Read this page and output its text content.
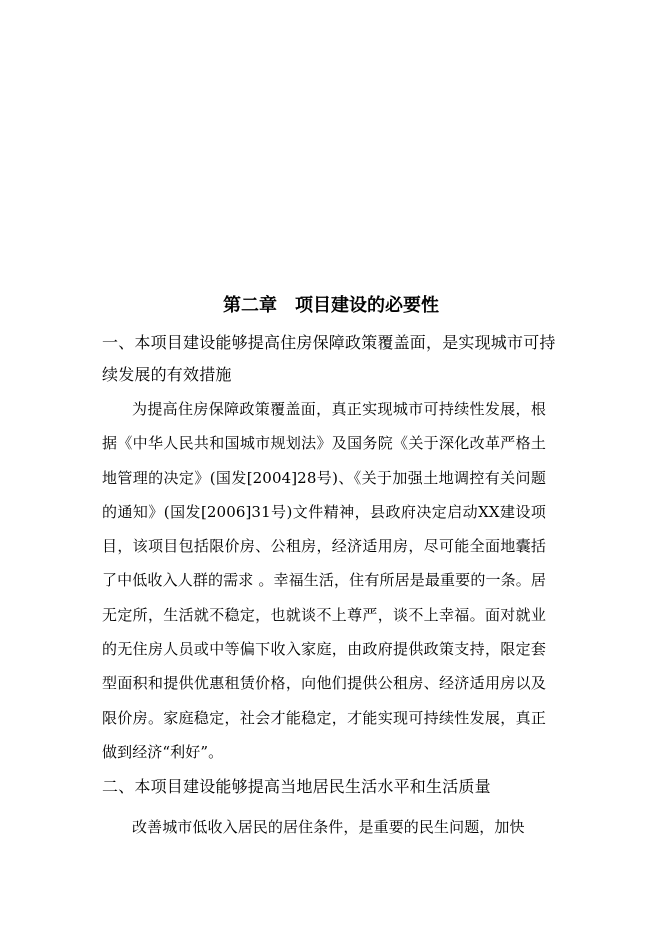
第二章　项目建设的必要性
一、本项目建设能够提高住房保障政策覆盖面，是实现城市可持续发展的有效措施
为提高住房保障政策覆盖面，真正实现城市可持续性发展，根据《中华人民共和国城市规划法》及国务院《关于深化改革严格土地管理的决定》(国发[2004]28号)、《关于加强土地调控有关问题的通知》(国发[2006]31号)文件精神，县政府决定启动XX建设项目，该项目包括限价房、公租房，经济适用房，尽可能全面地囊括了中低收入人群的需求 。幸福生活，住有所居是最重要的一条。居无定所，生活就不稳定，也就谈不上尊严，谈不上幸福。面对就业的无住房人员或中等偏下收入家庭，由政府提供政策支持，限定套型面积和提供优惠租赁价格，向他们提供公租房、经济适用房以及限价房。家庭稳定，社会才能稳定，才能实现可持续性发展，真正做到经济“利好”。
二、本项目建设能够提高当地居民生活水平和生活质量
改善城市低收入居民的居住条件，是重要的民生问题，加快
